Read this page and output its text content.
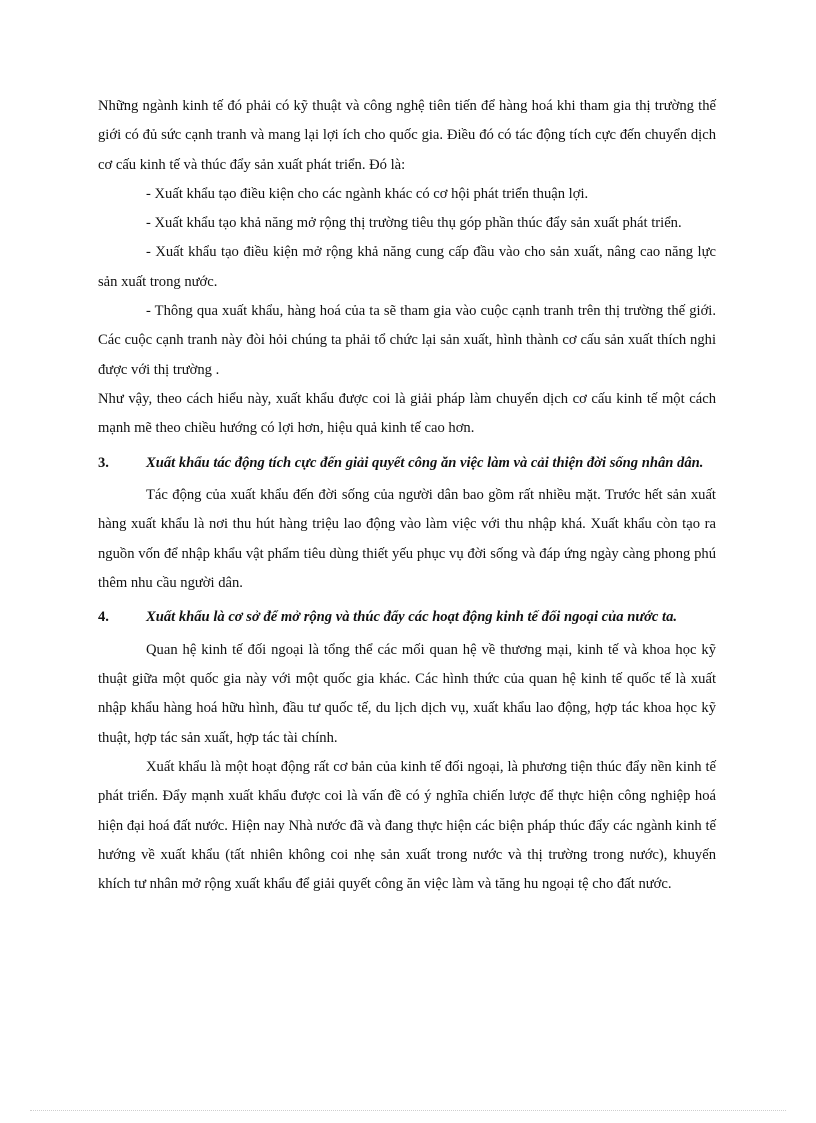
Những ngành kinh tế đó phải có kỹ thuật và công nghệ tiên tiến để hàng hoá khi tham gia thị trường thế giới có đủ sức cạnh tranh và mang lại lợi ích cho quốc gia. Điều đó có tác động tích cực đến chuyển dịch cơ cấu kinh tế và thúc đẩy sản xuất phát triển. Đó là:

- Xuất khẩu tạo điều kiện cho các ngành khác có cơ hội phát triển thuận lợi.

- Xuất khẩu tạo khả năng mở rộng thị trường tiêu thụ góp phần thúc đẩy sản xuất phát triển.

- Xuất khẩu tạo điều kiện mở rộng khả năng cung cấp đầu vào cho sản xuất, nâng cao năng lực sản xuất trong nước.

- Thông qua xuất khẩu, hàng hoá của ta sẽ tham gia vào cuộc cạnh tranh trên thị trường thế giới. Các cuộc cạnh tranh này đòi hỏi chúng ta phải tổ chức lại sản xuất, hình thành cơ cấu sản xuất thích nghi được với thị trường .

Như vậy, theo cách hiểu này, xuất khẩu được coi là giải pháp làm chuyển dịch cơ cấu kinh tế một cách mạnh mẽ theo chiều hướng có lợi hơn, hiệu quả kinh tế cao hơn.

3.	Xuất khẩu tác động tích cực đến giải quyết công ăn việc làm và cải thiện đời sống nhân dân.

Tác động của xuất khẩu đến đời sống của người dân bao gồm rất nhiều mặt. Trước hết sản xuất hàng xuất khẩu là nơi thu hút hàng triệu lao động vào làm việc với thu nhập khá. Xuất khẩu còn tạo ra nguồn vốn để nhập khẩu vật phẩm tiêu dùng thiết yếu phục vụ đời sống và đáp ứng ngày càng phong phú thêm nhu cầu người dân.

4.	Xuất khẩu là cơ sở để mở rộng và thúc đẩy các hoạt động kinh tế đối ngoại của nước ta.

Quan hệ kinh tế đối ngoại là tổng thể các mối quan hệ về thương mại, kinh tế và khoa học kỹ thuật giữa một quốc gia này với một quốc gia khác. Các hình thức của quan hệ kinh tế quốc tế là xuất nhập khẩu hàng hoá hữu hình, đầu tư quốc tế, du lịch dịch vụ, xuất khẩu lao động, hợp tác khoa học kỹ thuật, hợp tác sản xuất, hợp tác tài chính.

Xuất khẩu là một hoạt động rất cơ bản của kinh tế đối ngoại, là phương tiện thúc đẩy nền kinh tế phát triển. Đẩy mạnh xuất khẩu được coi là vấn đề có ý nghĩa chiến lược để thực hiện công nghiệp hoá hiện đại hoá đất nước. Hiện nay Nhà nước đã và đang thực hiện các biện pháp thúc đẩy các ngành kinh tế hướng về xuất khẩu (tất nhiên không coi nhẹ sản xuất trong nước và thị trường trong nước), khuyến khích tư nhân mở rộng xuất khẩu để giải quyết công ăn việc làm và tăng hu ngoại tệ cho đất nước.
